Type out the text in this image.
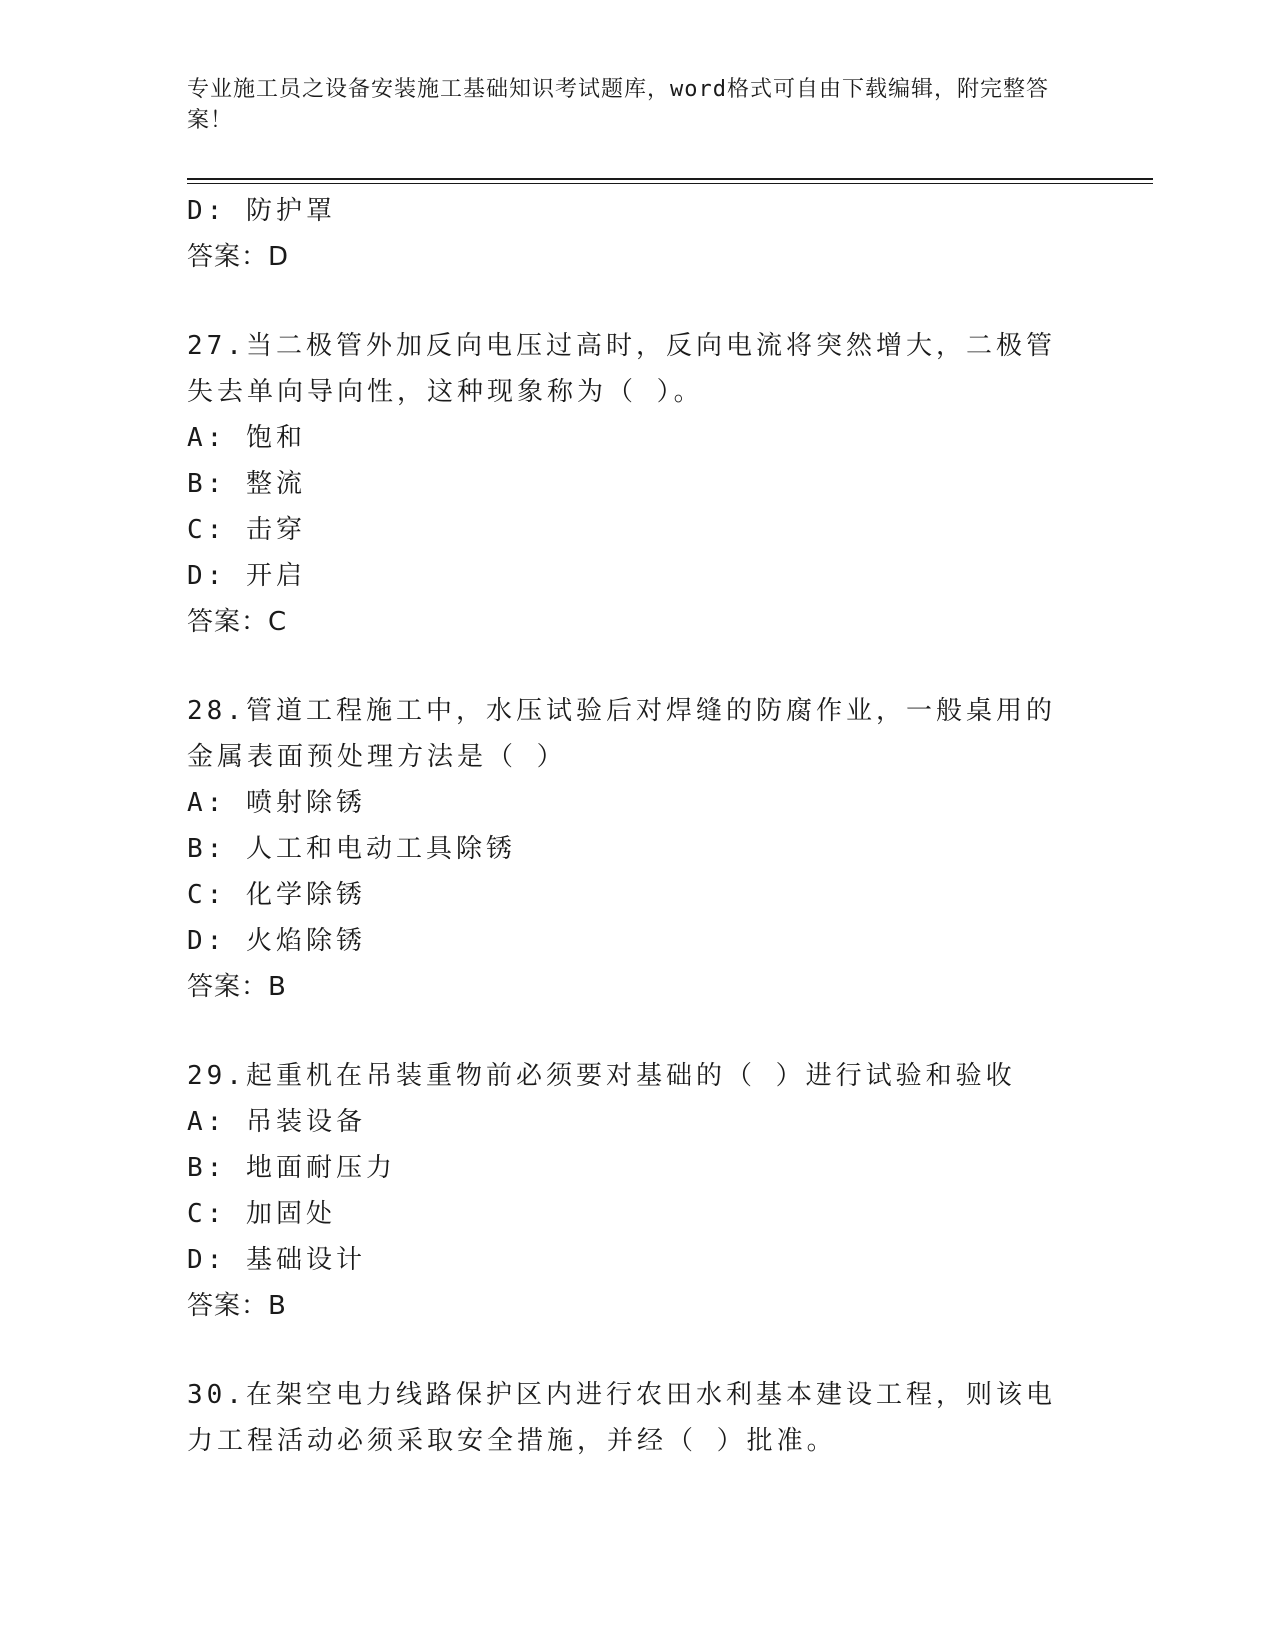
专业施工员之设备安装施工基础知识考试题库，word格式可自由下载编辑，附完整答案！
D: 防护罩
答案：D
27.当二极管外加反向电压过高时，反向电流将突然增大，二极管失去单向导向性，这种现象称为（ ）。
A: 饱和
B: 整流
C: 击穿
D: 开启
答案：C
28.管道工程施工中，水压试验后对焊缝的防腐作业，一般桌用的金属表面预处理方法是（ ）
A: 喷射除锈
B: 人工和电动工具除锈
C: 化学除锈
D: 火焰除锈
答案：B
29.起重机在吊装重物前必须要对基础的（ ）进行试验和验收
A: 吊装设备
B: 地面耐压力
C: 加固处
D: 基础设计
答案：B
30.在架空电力线路保护区内进行农田水利基本建设工程，则该电力工程活动必须采取安全措施，并经（ ）批准。
